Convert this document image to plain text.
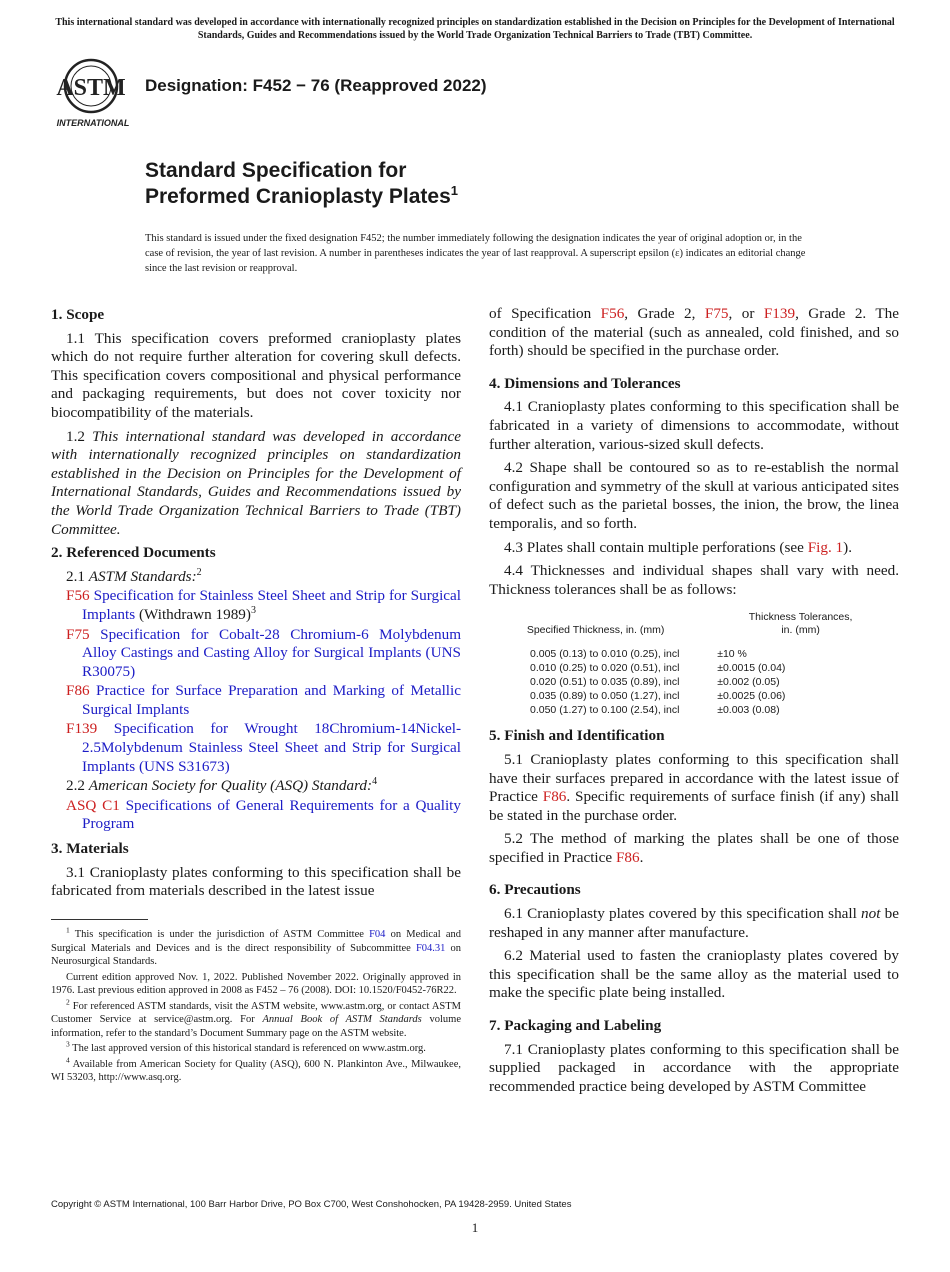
This international standard was developed in accordance with internationally recognized principles on standardization established in the Decision on Principles for the Development of International Standards, Guides and Recommendations issued by the World Trade Organization Technical Barriers to Trade (TBT) Committee.
ASTM
INTERNATIONAL
Designation: F452 − 76 (Reapproved 2022)
Standard Specification for
Preformed Cranioplasty Plates$^1$
This standard is issued under the fixed designation F452; the number immediately following the designation indicates the year of original adoption or, in the case of revision, the year of last revision. A number in parentheses indicates the year of last reapproval. A superscript epsilon (ε) indicates an editorial change since the last revision or reapproval.
1. Scope

1.1 This specification covers preformed cranioplasty plates which do not require further alteration for covering skull defects. This specification covers compositional and physical performance and packaging requirements, but does not cover toxicity nor biocompatibility of the materials.

1.2 This international standard was developed in accordance with internationally recognized principles on standardization established in the Decision on Principles for the Development of International Standards, Guides and Recommendations issued by the World Trade Organization Technical Barriers to Trade (TBT) Committee.

2. Referenced Documents
2.1 ASTM Standards:$^2$
F56 Specification for Stainless Steel Sheet and Strip for Surgical Implants (Withdrawn 1989)$^3$
F75 Specification for Cobalt-28 Chromium-6 Molybdenum Alloy Castings and Casting Alloy for Surgical Implants (UNS R30075)
F86 Practice for Surface Preparation and Marking of Metallic Surgical Implants
F139 Specification for Wrought 18Chromium-14Nickel-2.5Molybdenum Stainless Steel Sheet and Strip for Surgical Implants (UNS S31673)
2.2 American Society for Quality (ASQ) Standard:$^4$
ASQ C1 Specifications of General Requirements for a Quality Program
3. Materials

3.1 Cranioplasty plates conforming to this specification shall be fabricated from materials described in the latest issue

$^1$ This specification is under the jurisdiction of ASTM Committee F04 on Medical and Surgical Materials and Devices and is the direct responsibility of Subcommittee F04.31 on Neurosurgical Standards.

Current edition approved Nov. 1, 2022. Published November 2022. Originally approved in 1976. Last previous edition approved in 2008 as F452 – 76 (2008). DOI: 10.1520/F0452-76R22.

$^2$ For referenced ASTM standards, visit the ASTM website, www.astm.org, or contact ASTM Customer Service at service@astm.org. For Annual Book of ASTM Standards volume information, refer to the standard’s Document Summary page on the ASTM website.

$^3$ The last approved version of this historical standard is referenced on www.astm.org.

$^4$ Available from American Society for Quality (ASQ), 600 N. Plankinton Ave., Milwaukee, WI 53203, http://www.asq.org.

of Specification F56, Grade 2, F75, or F139, Grade 2. The condition of the material (such as annealed, cold finished, and so forth) should be specified in the purchase order.

4. Dimensions and Tolerances

4.1 Cranioplasty plates conforming to this specification shall be fabricated in a variety of dimensions to accommodate, without further alteration, various-sized skull defects.

4.2 Shape shall be contoured so as to re-establish the normal configuration and symmetry of the skull at various anticipated sites of defect such as the parietal bosses, the inion, the brow, the linea temporalis, and so forth.

4.3 Plates shall contain multiple perforations (see Fig. 1).

4.4 Thicknesses and individual shapes shall vary with need. Thickness tolerances shall be as follows:

Specified Thickness, in. (mm)	Thickness Tolerances,
in. (mm)
0.005 (0.13) to 0.010 (0.25), incl	±10 %
0.010 (0.25) to 0.020 (0.51), incl	±0.0015 (0.04)
0.020 (0.51) to 0.035 (0.89), incl	±0.002 (0.05)
0.035 (0.89) to 0.050 (1.27), incl	±0.0025 (0.06)
0.050 (1.27) to 0.100 (2.54), incl	±0.003 (0.08)
5. Finish and Identification

5.1 Cranioplasty plates conforming to this specification shall have their surfaces prepared in accordance with the latest issue of Practice F86. Specific requirements of surface finish (if any) shall be stated in the purchase order.

5.2 The method of marking the plates shall be one of those specified in Practice F86.

6. Precautions

6.1 Cranioplasty plates covered by this specification shall not be reshaped in any manner after manufacture.

6.2 Material used to fasten the cranioplasty plates covered by this specification shall be the same alloy as the material used to make the specific plate being installed.

7. Packaging and Labeling

7.1 Cranioplasty plates conforming to this specification shall be supplied packaged in accordance with the appropriate recommended practice being developed by ASTM Committee

Copyright © ASTM International, 100 Barr Harbor Drive, PO Box C700, West Conshohocken, PA 19428-2959. United States
1
